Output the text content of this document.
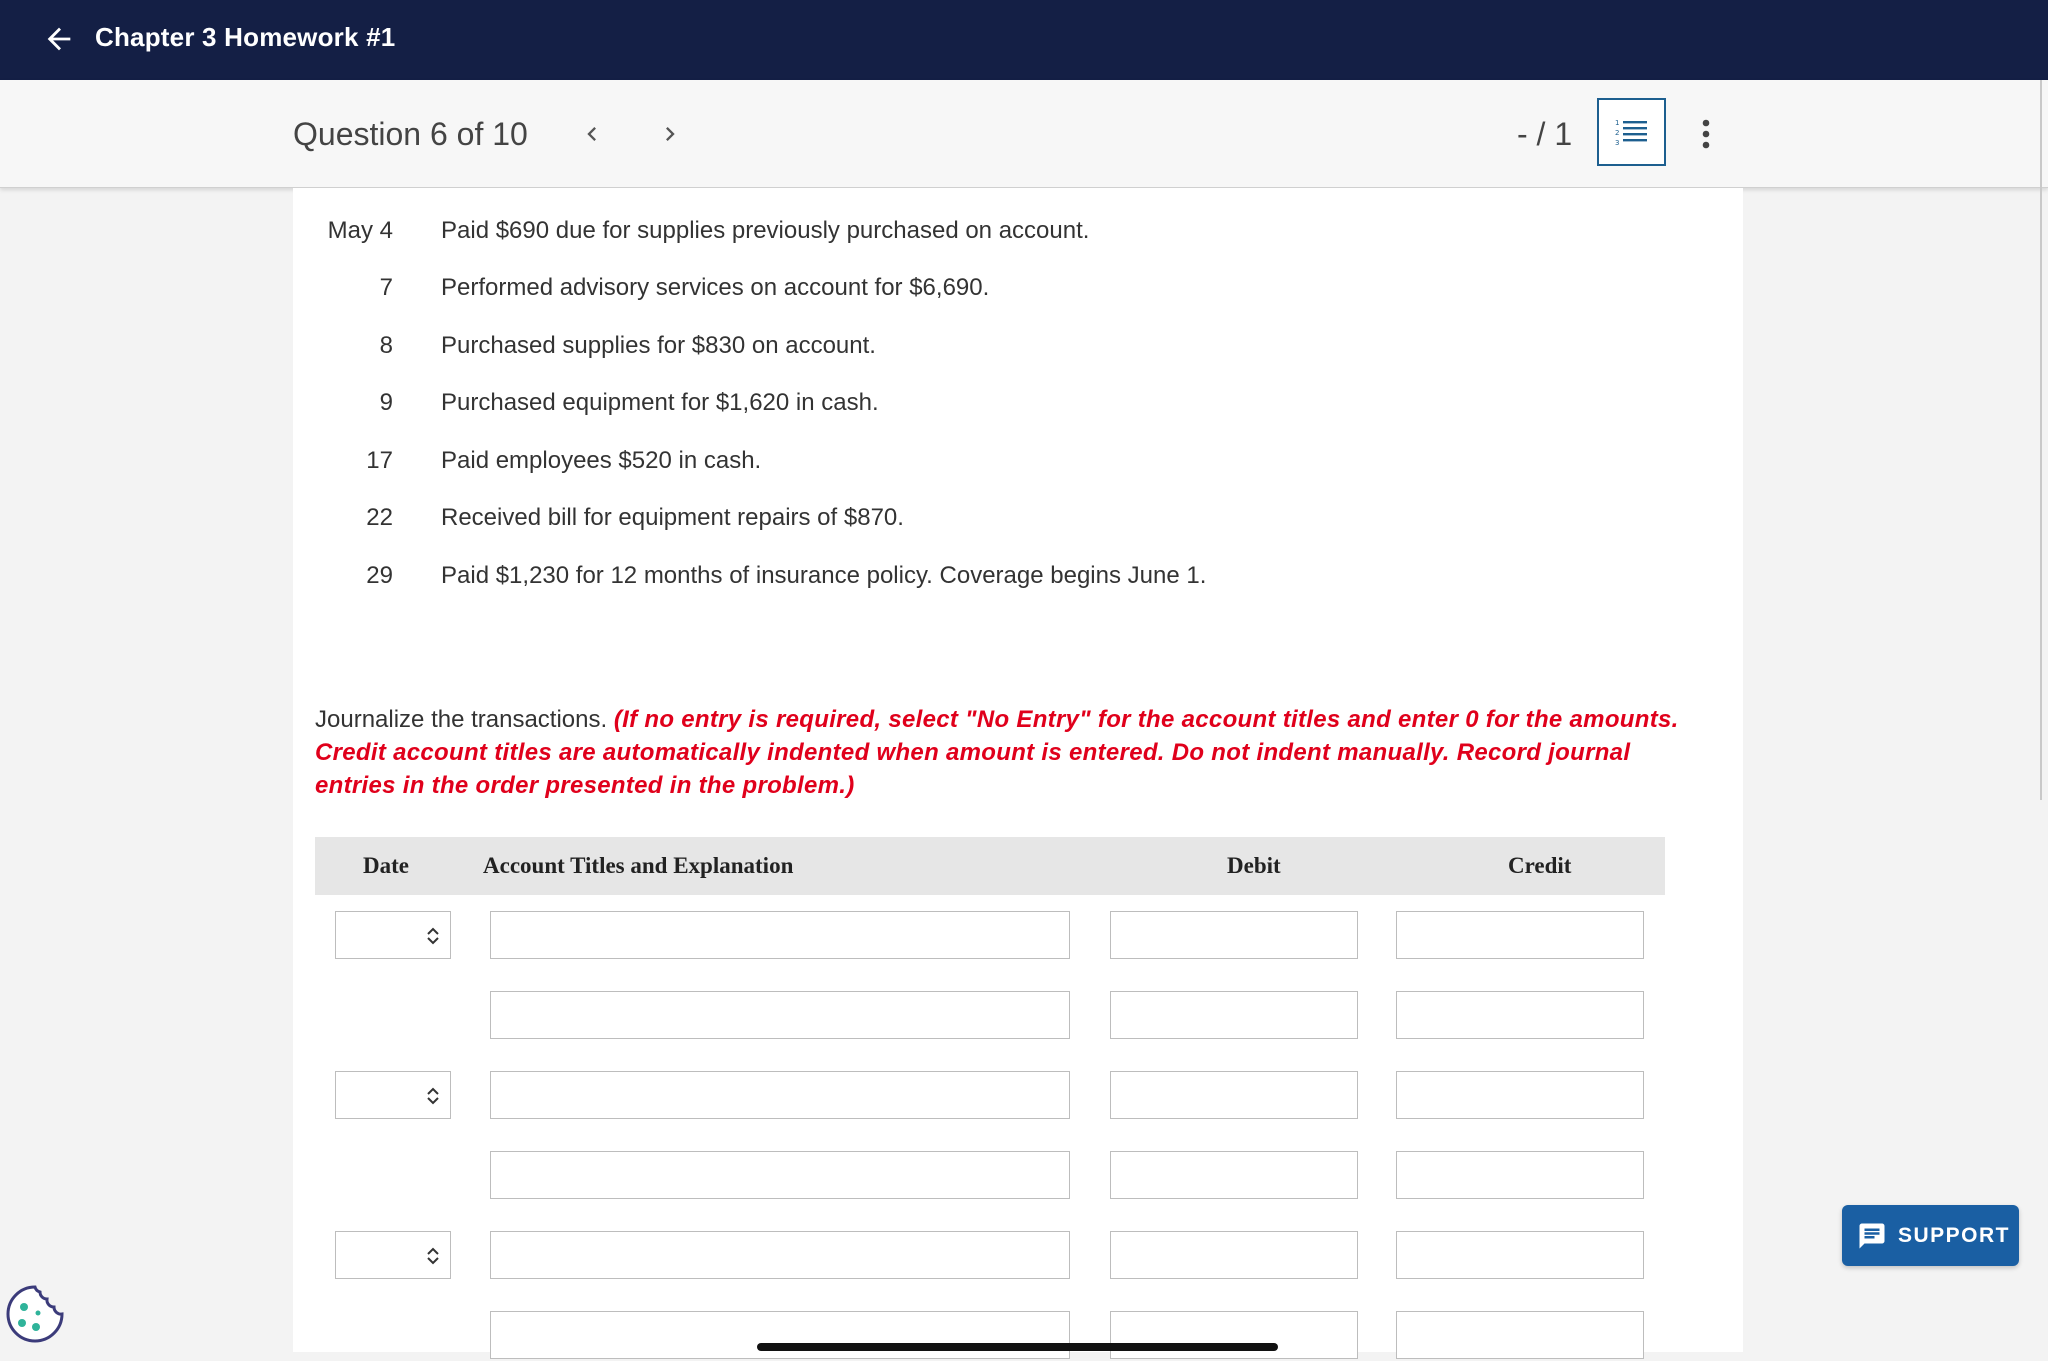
Chapter 3 Homework #1
Question 6 of 10	- / 1	1
2
3
May 4 Paid $690 due for supplies previously purchased on account.
7 Performed advisory services on account for $6,690.
8 Purchased supplies for $830 on account.
9 Purchased equipment for $1,620 in cash.
17 Paid employees $520 in cash.
22 Received bill for equipment repairs of $870.
29 Paid $1,230 for 12 months of insurance policy. Coverage begins June 1.
Journalize the transactions. (If no entry is required, select "No Entry" for the account titles and enter 0 for the amounts. Credit account titles are automatically indented when amount is entered. Do not indent manually. Record journal entries in the order presented in the problem.)
Date	Account Titles and Explanation	Debit	Credit
SUPPORT
